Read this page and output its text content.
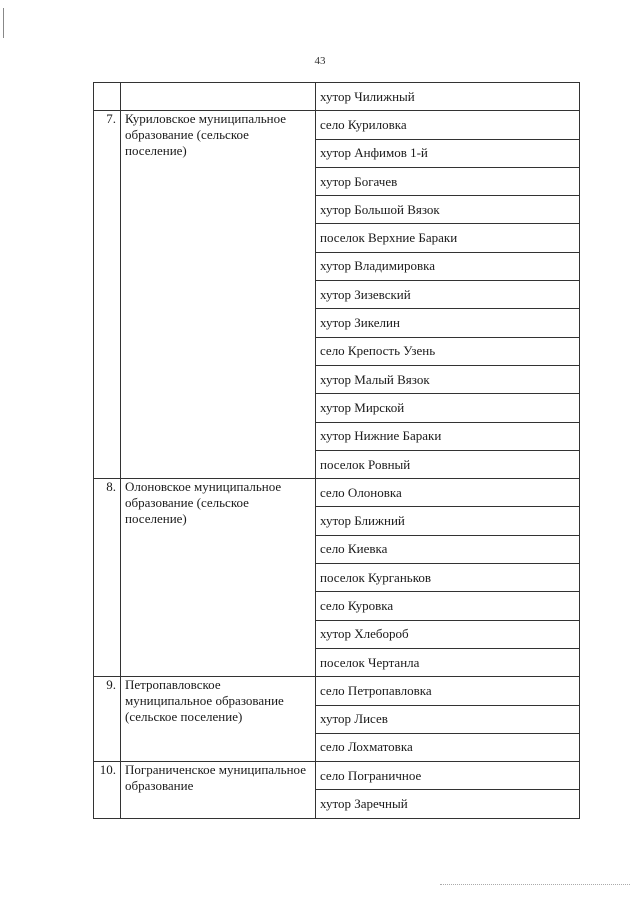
43
		хутор Чилижный
7.	Куриловское муниципальное образование (сельское поселение)	село Куриловка
		хутор Анфимов 1-й
		хутор Богачев
		хутор Большой Вязок
		поселок Верхние Бараки
		хутор Владимировка
		хутор Зизевский
		хутор Зикелин
		село Крепость Узень
		хутор Малый Вязок
		хутор Мирской
		хутор Нижние Бараки
		поселок Ровный
8.	Олоновское муниципальное образование (сельское поселение)	село Олоновка
		хутор Ближний
		село Киевка
		поселок Курганьков
		село Куровка
		хутор Хлебороб
		поселок Чертанла
9.	Петропавловское муниципальное образование (сельское поселение)	село Петропавловка
		хутор Лисев
		село Лохматовка
10.	Пограниченское муниципальное образование	село Пограничное
		хутор Заречный
